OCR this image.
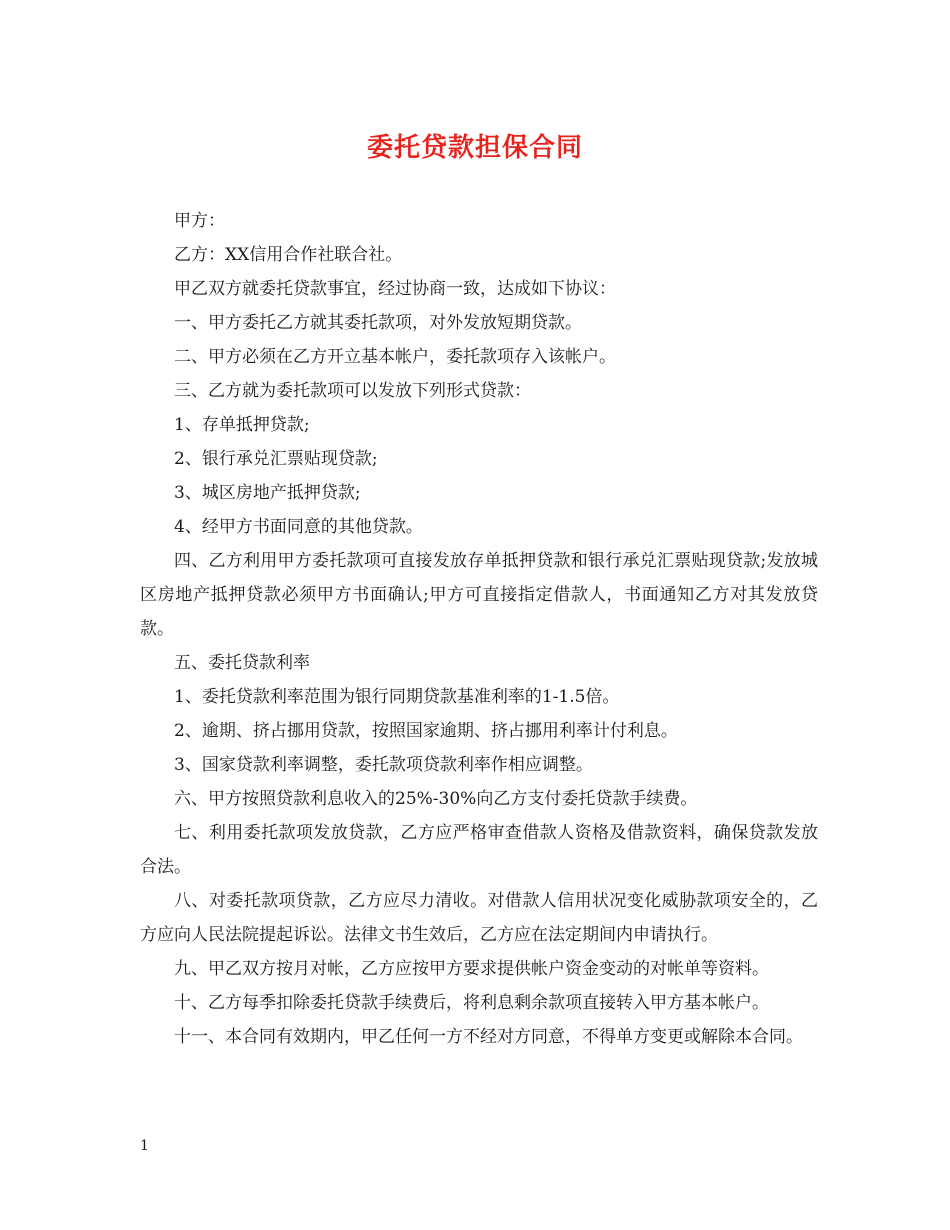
委托贷款担保合同

甲方：

乙方：XX信用合作社联合社。

甲乙双方就委托贷款事宜，经过协商一致，达成如下协议：

一、甲方委托乙方就其委托款项，对外发放短期贷款。

二、甲方必须在乙方开立基本帐户，委托款项存入该帐户。

三、乙方就为委托款项可以发放下列形式贷款：

1、存单抵押贷款;

2、银行承兑汇票贴现贷款;

3、城区房地产抵押贷款;

4、经甲方书面同意的其他贷款。

四、乙方利用甲方委托款项可直接发放存单抵押贷款和银行承兑汇票贴现贷款;发放城区房地产抵押贷款必须甲方书面确认;甲方可直接指定借款人，书面通知乙方对其发放贷款。

五、委托贷款利率

1、委托贷款利率范围为银行同期贷款基准利率的1-1.5倍。

2、逾期、挤占挪用贷款，按照国家逾期、挤占挪用利率计付利息。

3、国家贷款利率调整，委托款项贷款利率作相应调整。

六、甲方按照贷款利息收入的25%-30%向乙方支付委托贷款手续费。

七、利用委托款项发放贷款，乙方应严格审查借款人资格及借款资料，确保贷款发放合法。

八、对委托款项贷款，乙方应尽力清收。对借款人信用状况变化威胁款项安全的，乙方应向人民法院提起诉讼。法律文书生效后，乙方应在法定期间内申请执行。

九、甲乙双方按月对帐，乙方应按甲方要求提供帐户资金变动的对帐单等资料。

十、乙方每季扣除委托贷款手续费后，将利息剩余款项直接转入甲方基本帐户。

十一、本合同有效期内，甲乙任何一方不经对方同意，不得单方变更或解除本合同。

1
